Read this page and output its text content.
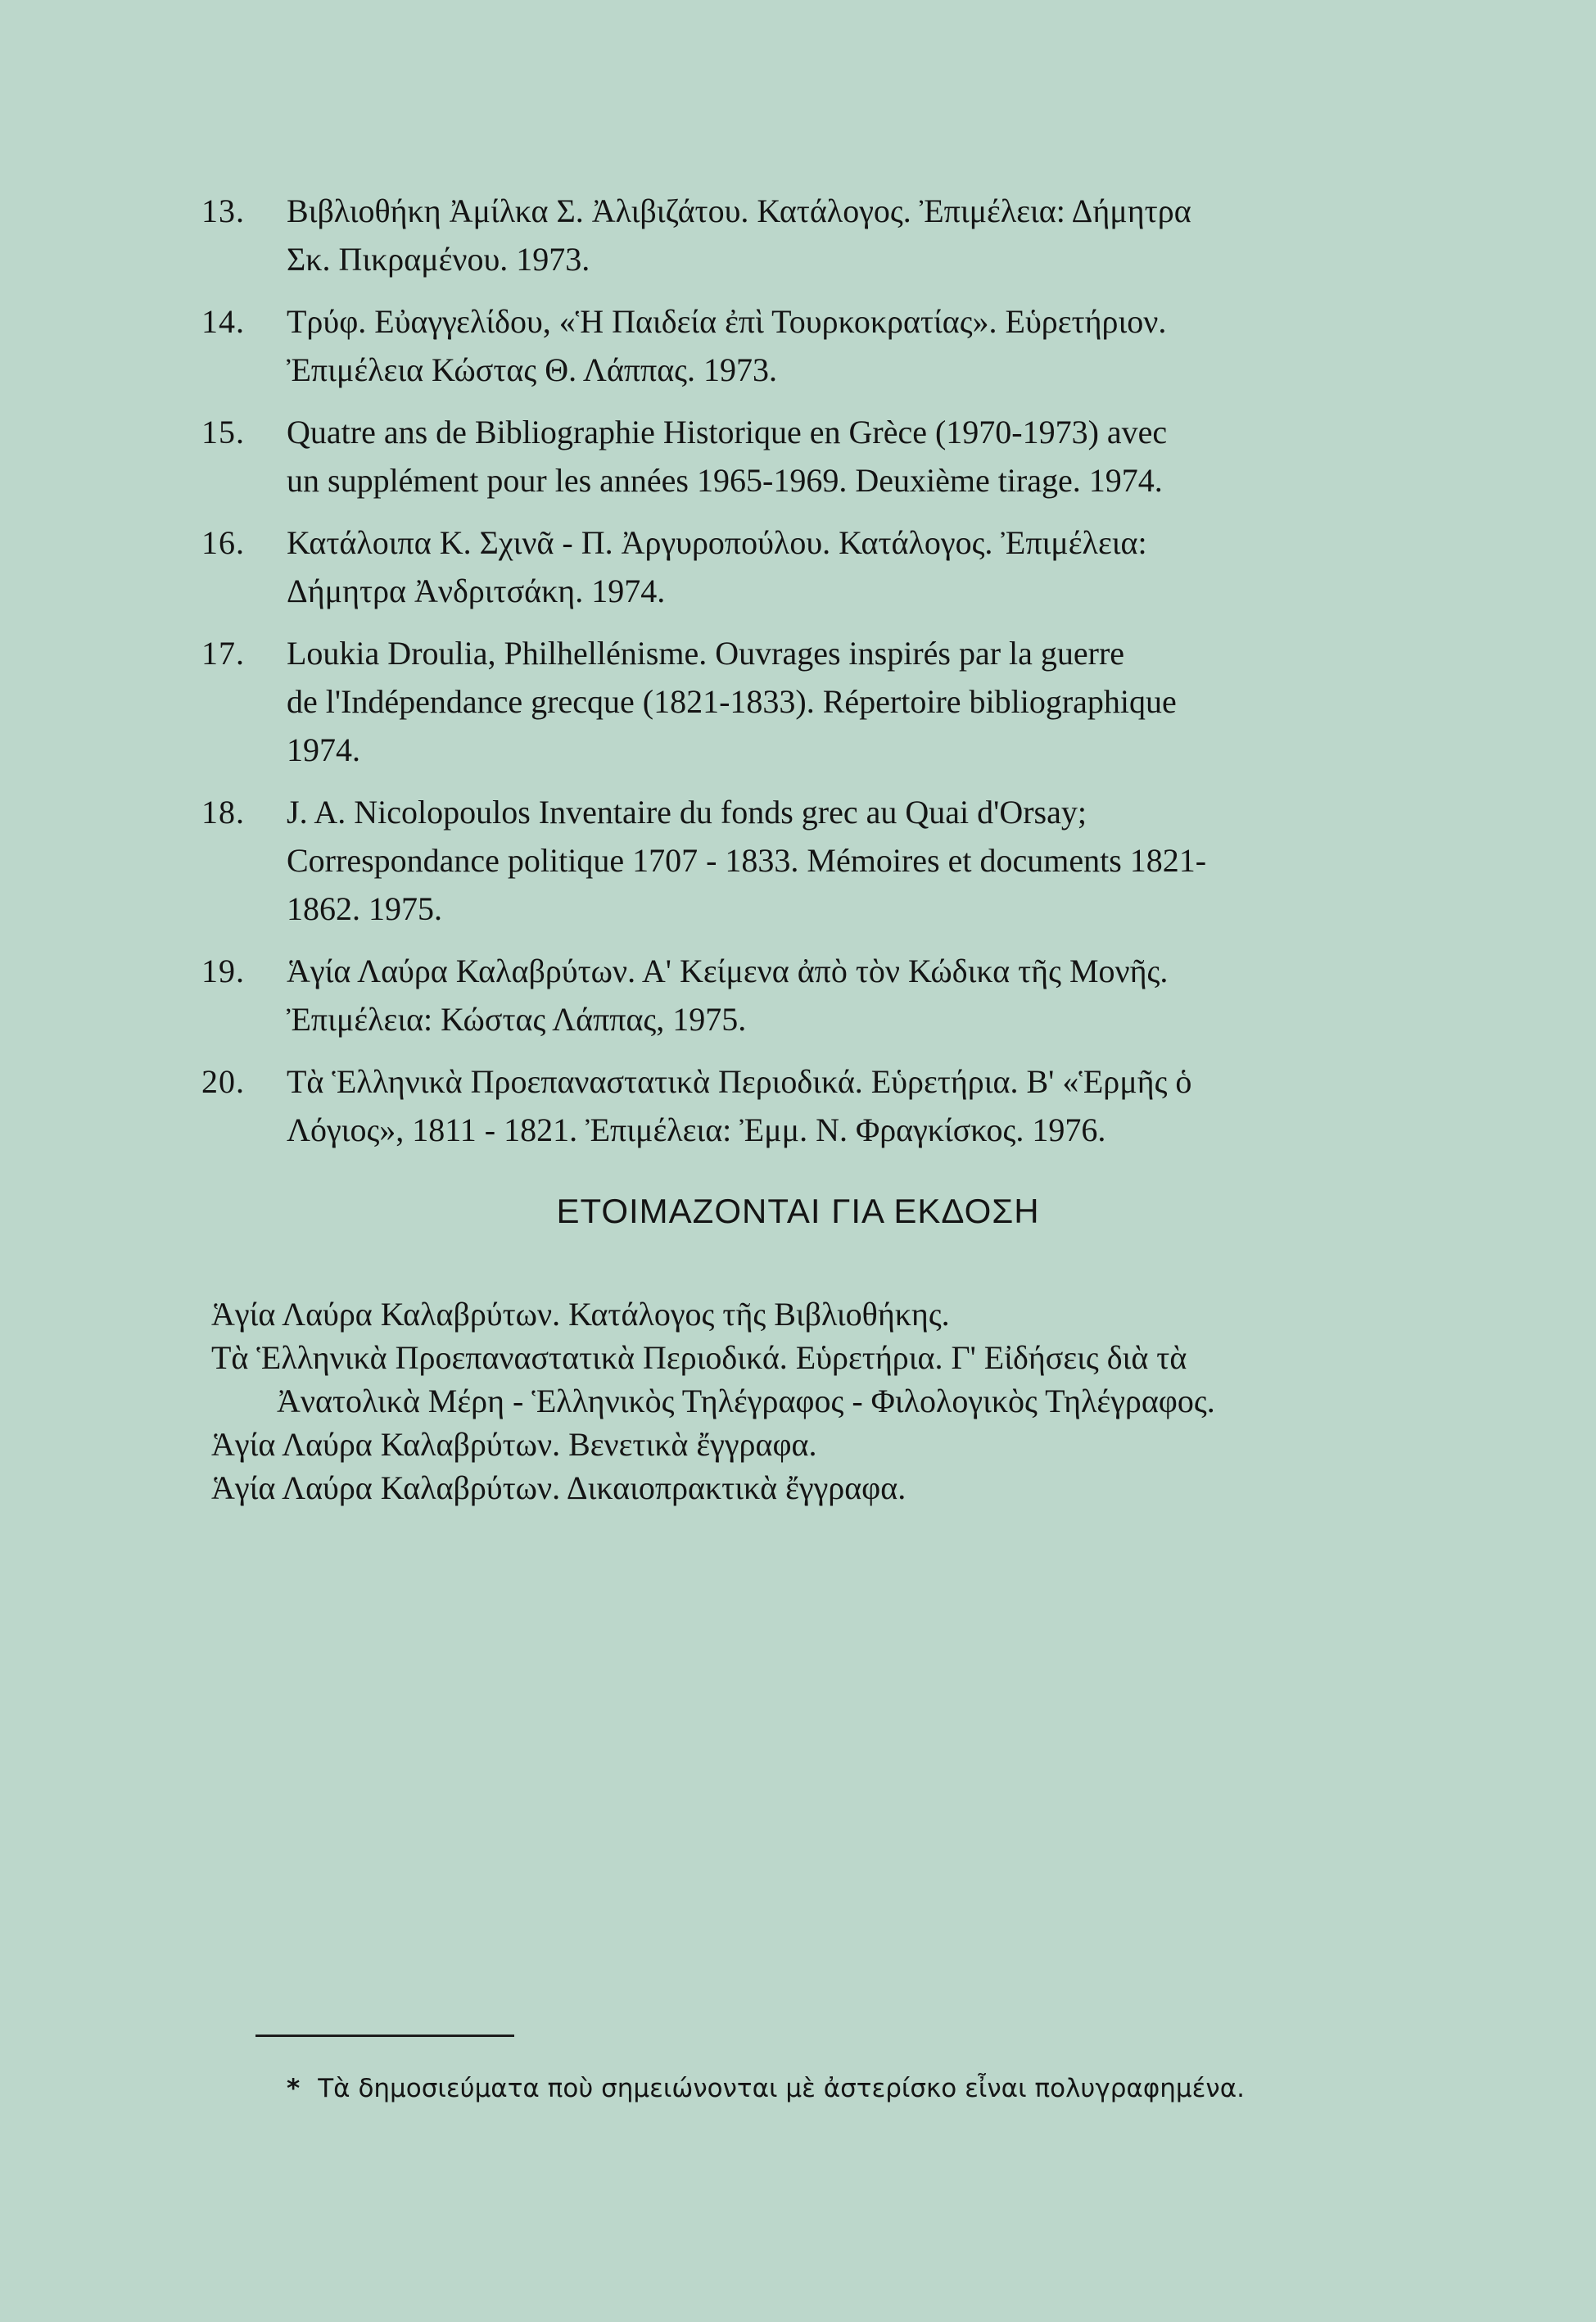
13.	Βιβλιοθήκη Ἀμίλκα Σ. Ἀλιβιζάτου. Κατάλογος. Ἐπιμέλεια: Δήμητρα
Σκ. Πικραμένου. 1973.
14.	Τρύφ. Εὐαγγελίδου, «Ἡ Παιδεία ἐπὶ Τουρκοκρατίας». Εὑρετήριον.
Ἐπιμέλεια Κώστας Θ. Λάππας. 1973.
15.	Quatre ans de Bibliographie Historique en Grèce (1970-1973) avec
un supplément pour les années 1965-1969. Deuxième tirage. 1974.
16.	Κατάλοιπα Κ. Σχινᾶ - Π. Ἀργυροπούλου. Κατάλογος. Ἐπιμέλεια:
Δήμητρα Ἀνδριτσάκη. 1974.
17.	Loukia Droulia, Philhellénisme. Ouvrages inspirés par la guerre
de l'Indépendance grecque (1821-1833). Répertoire bibliographique
1974.
18.	J. A. Nicolopoulos Inventaire du fonds grec au Quai d'Orsay;
Correspondance politique 1707 - 1833. Mémoires et documents 1821-
1862. 1975.
19.	Ἁγία Λαύρα Καλαβρύτων. Α' Κείμενα ἀπὸ τὸν Κώδικα τῆς Μονῆς.
Ἐπιμέλεια: Κώστας Λάππας, 1975.
20.	Τὰ Ἑλληνικὰ Προεπαναστατικὰ Περιοδικά. Εὑρετήρια. Β' «Ἑρμῆς ὁ
Λόγιος», 1811 - 1821. Ἐπιμέλεια: Ἐμμ. Ν. Φραγκίσκος. 1976.
ΕΤΟΙΜΑΖΟΝΤΑΙ ΓΙΑ ΕΚΔΟΣΗ
Ἁγία Λαύρα Καλαβρύτων. Κατάλογος τῆς Βιβλιοθήκης.
Τὰ Ἑλληνικὰ Προεπαναστατικὰ Περιοδικά. Εὑρετήρια. Γ' Εἰδήσεις διὰ τὰ
Ἀνατολικὰ Μέρη - Ἑλληνικὸς Τηλέγραφος - Φιλολογικὸς Τηλέγραφος.
Ἁγία Λαύρα Καλαβρύτων. Βενετικὰ ἔγγραφα.
Ἁγία Λαύρα Καλαβρύτων. Δικαιοπρακτικὰ ἔγγραφα.
* Τὰ δημοσιεύματα ποὺ σημειώνονται μὲ ἀστερίσκο εἶναι πολυγραφημένα.
